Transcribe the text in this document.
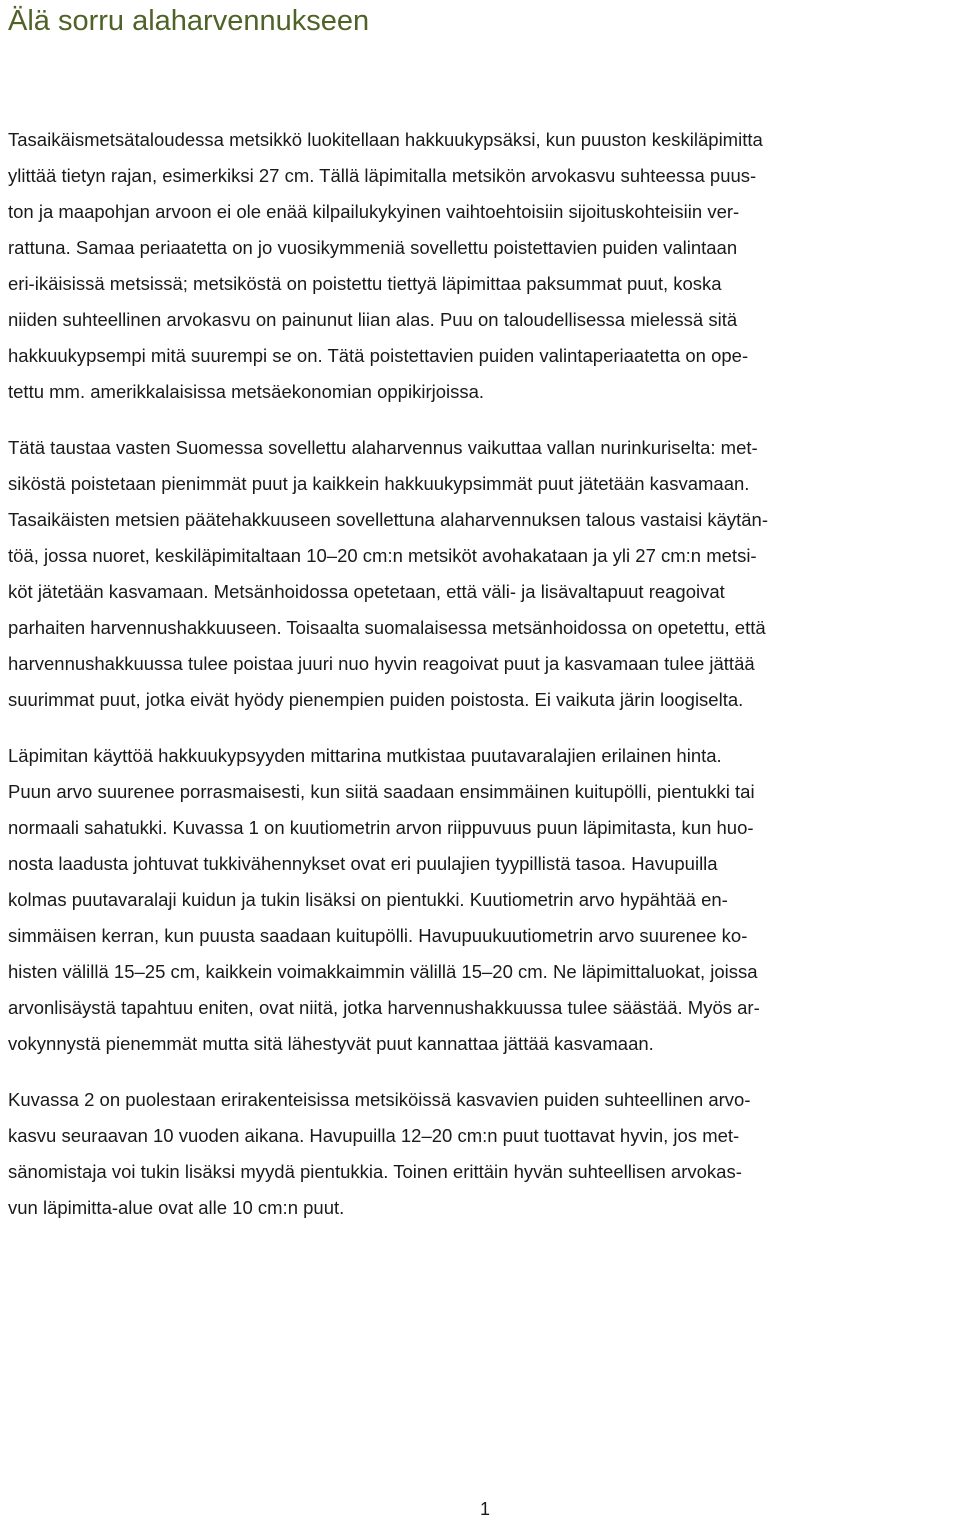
Älä sorru alaharvennukseen
Tasaikäismetsätaloudessa metsikkö luokitellaan hakkuukypsäksi, kun puuston keskiläpimitta
ylittää tietyn rajan, esimerkiksi 27 cm. Tällä läpimitalla metsikön arvokasvu suhteessa puus-
ton ja maapohjan arvoon ei ole enää kilpailukykyinen vaihtoehtoisiin sijoituskohteisiin ver-
rattuna. Samaa periaatetta on jo vuosikymmeniä sovellettu poistettavien puiden valintaan
eri-ikäisissä metsissä; metsiköstä on poistettu tiettyä läpimittaa paksummat puut, koska
niiden suhteellinen arvokasvu on painunut liian alas. Puu on taloudellisessa mielessä sitä
hakkuukypsempi mitä suurempi se on. Tätä poistettavien puiden valintaperiaatetta on ope-
tettu mm. amerikkalaisissa metsäekonomian oppikirjoissa.
Tätä taustaa vasten Suomessa sovellettu alaharvennus vaikuttaa vallan nurinkuriselta: met-
siköstä poistetaan pienimmät puut ja kaikkein hakkuukypsimmät puut jätetään kasvamaan.
Tasaikäisten metsien päätehakkuuseen sovellettuna alaharvennuksen talous vastaisi käytän-
töä, jossa nuoret, keskiläpimitaltaan 10–20 cm:n metsiköt avohakataan ja yli 27 cm:n metsi-
köt jätetään kasvamaan. Metsänhoidossa opetetaan, että väli- ja lisävaltapuut reagoivat
parhaiten harvennushakkuuseen. Toisaalta suomalaisessa metsänhoidossa on opetettu, että
harvennushakkuussa tulee poistaa juuri nuo hyvin reagoivat puut ja kasvamaan tulee jättää
suurimmat puut, jotka eivät hyödy pienempien puiden poistosta. Ei vaikuta järin loogiselta.
Läpimitan käyttöä hakkuukypsyyden mittarina mutkistaa puutavaralajien erilainen hinta.
Puun arvo suurenee porrasmaisesti, kun siitä saadaan ensimmäinen kuitupölli, pientukki tai
normaali sahatukki. Kuvassa 1 on kuutiometrin arvon riippuvuus puun läpimitasta, kun huo-
nosta laadusta johtuvat tukkivähennykset ovat eri puulajien tyypillistä tasoa. Havupuilla
kolmas puutavaralaji kuidun ja tukin lisäksi on pientukki. Kuutiometrin arvo hypähtää en-
simmäisen kerran, kun puusta saadaan kuitupölli. Havupuukuutiometrin arvo suurenee ko-
histen välillä 15–25 cm, kaikkein voimakkaimmin välillä 15–20 cm. Ne läpimittaluokat, joissa
arvonlisäystä tapahtuu eniten, ovat niitä, jotka harvennushakkuussa tulee säästää. Myös ar-
vokynnystä pienemmät mutta sitä lähestyvät puut kannattaa jättää kasvamaan.
Kuvassa 2 on puolestaan erirakenteisissa metsiköissä kasvavien puiden suhteellinen arvo-
kasvu seuraavan 10 vuoden aikana. Havupuilla 12–20 cm:n puut tuottavat hyvin, jos met-
sänomistaja voi tukin lisäksi myydä pientukkia. Toinen erittäin hyvän suhteellisen arvokas-
vun läpimitta-alue ovat alle 10 cm:n puut.
1
